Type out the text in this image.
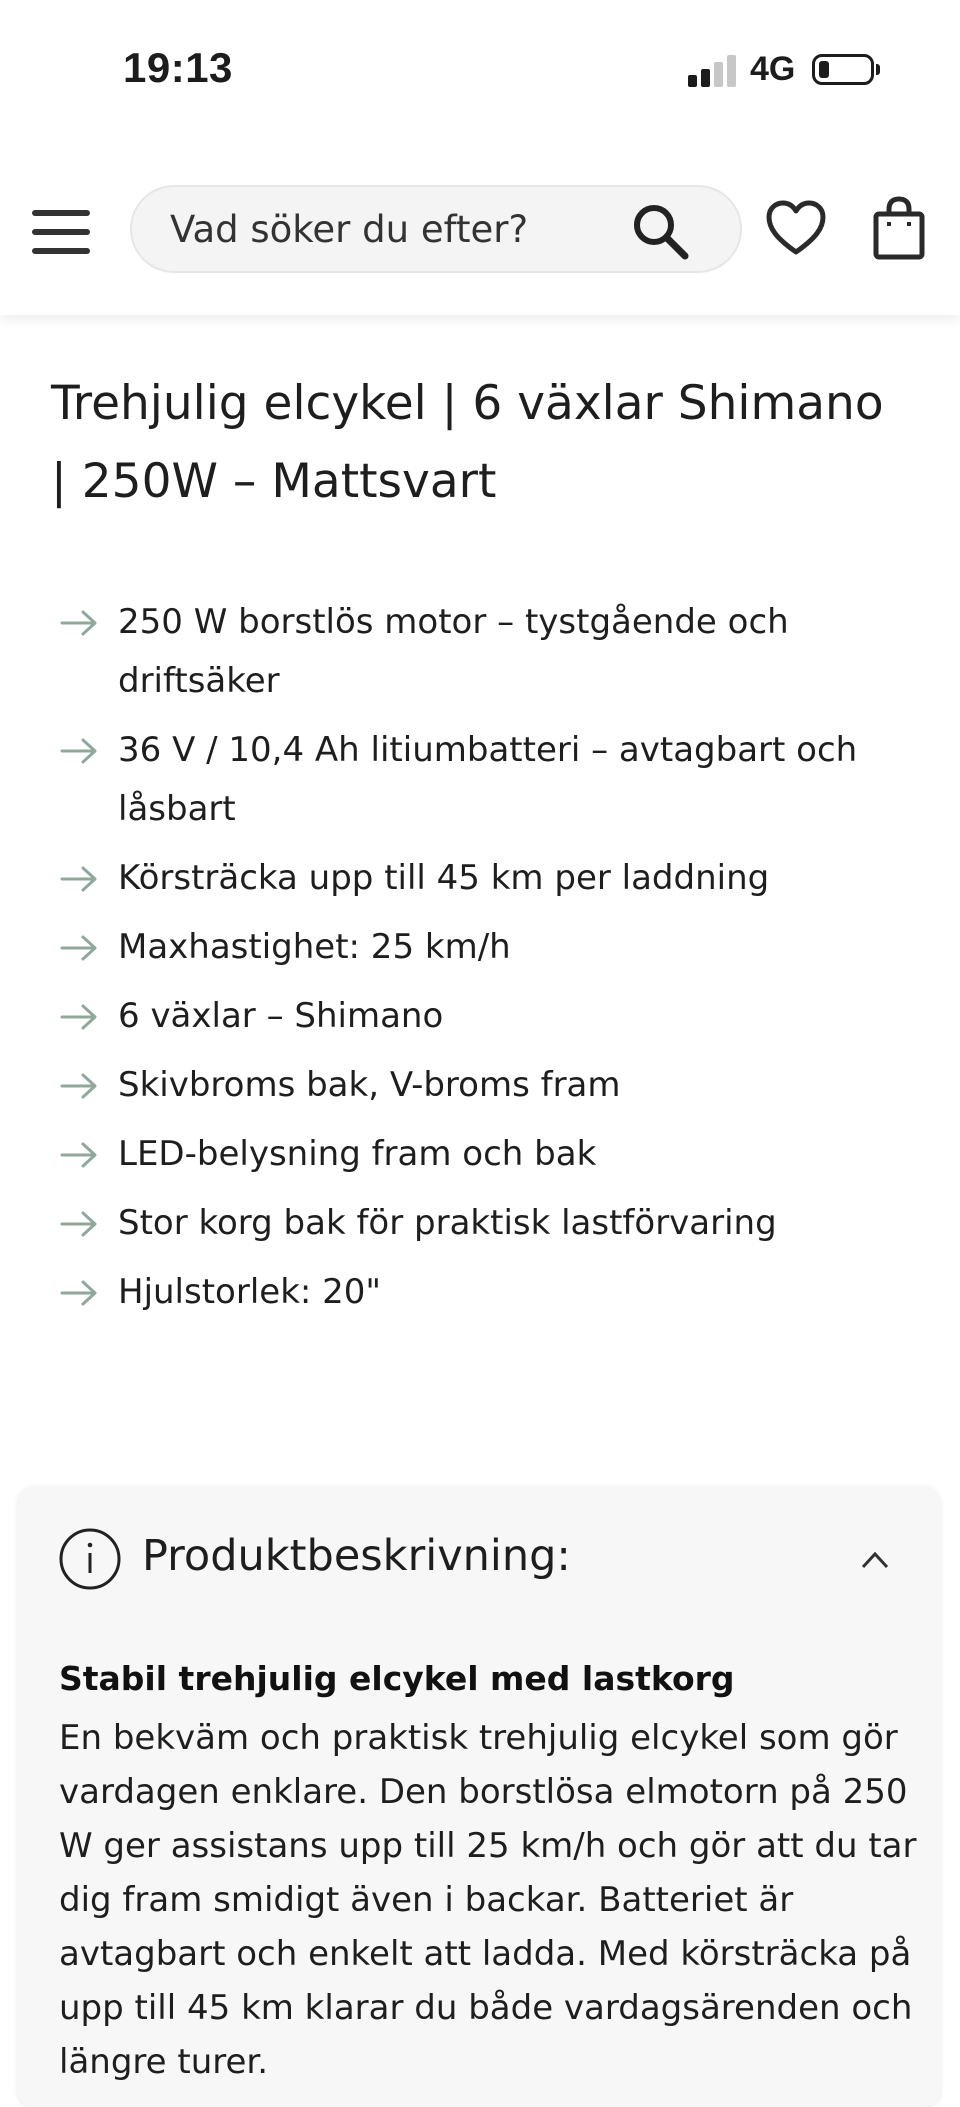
19:13	4G
Vad söker du efter?
Trehjulig elcykel | 6 växlar Shimano | 250W – Mattsvart
250 W borstlös motor – tystgående och driftsäker
36 V / 10,4 Ah litiumbatteri – avtagbart och låsbart
Körsträcka upp till 45 km per laddning
Maxhastighet: 25 km/h
6 växlar – Shimano
Skivbroms bak, V-broms fram
LED-belysning fram och bak
Stor korg bak för praktisk lastförvaring
Hjulstorlek: 20"
Produktbeskrivning:

Stabil trehjulig elcykel med lastkorg

En bekväm och praktisk trehjulig elcykel som gör vardagen enklare. Den borstlösa elmotorn på 250 W ger assistans upp till 25 km/h och gör att du tar dig fram smidigt även i backar. Batteriet är avtagbart och enkelt att ladda. Med körsträcka på upp till 45 km klarar du både vardagsärenden och längre turer.
